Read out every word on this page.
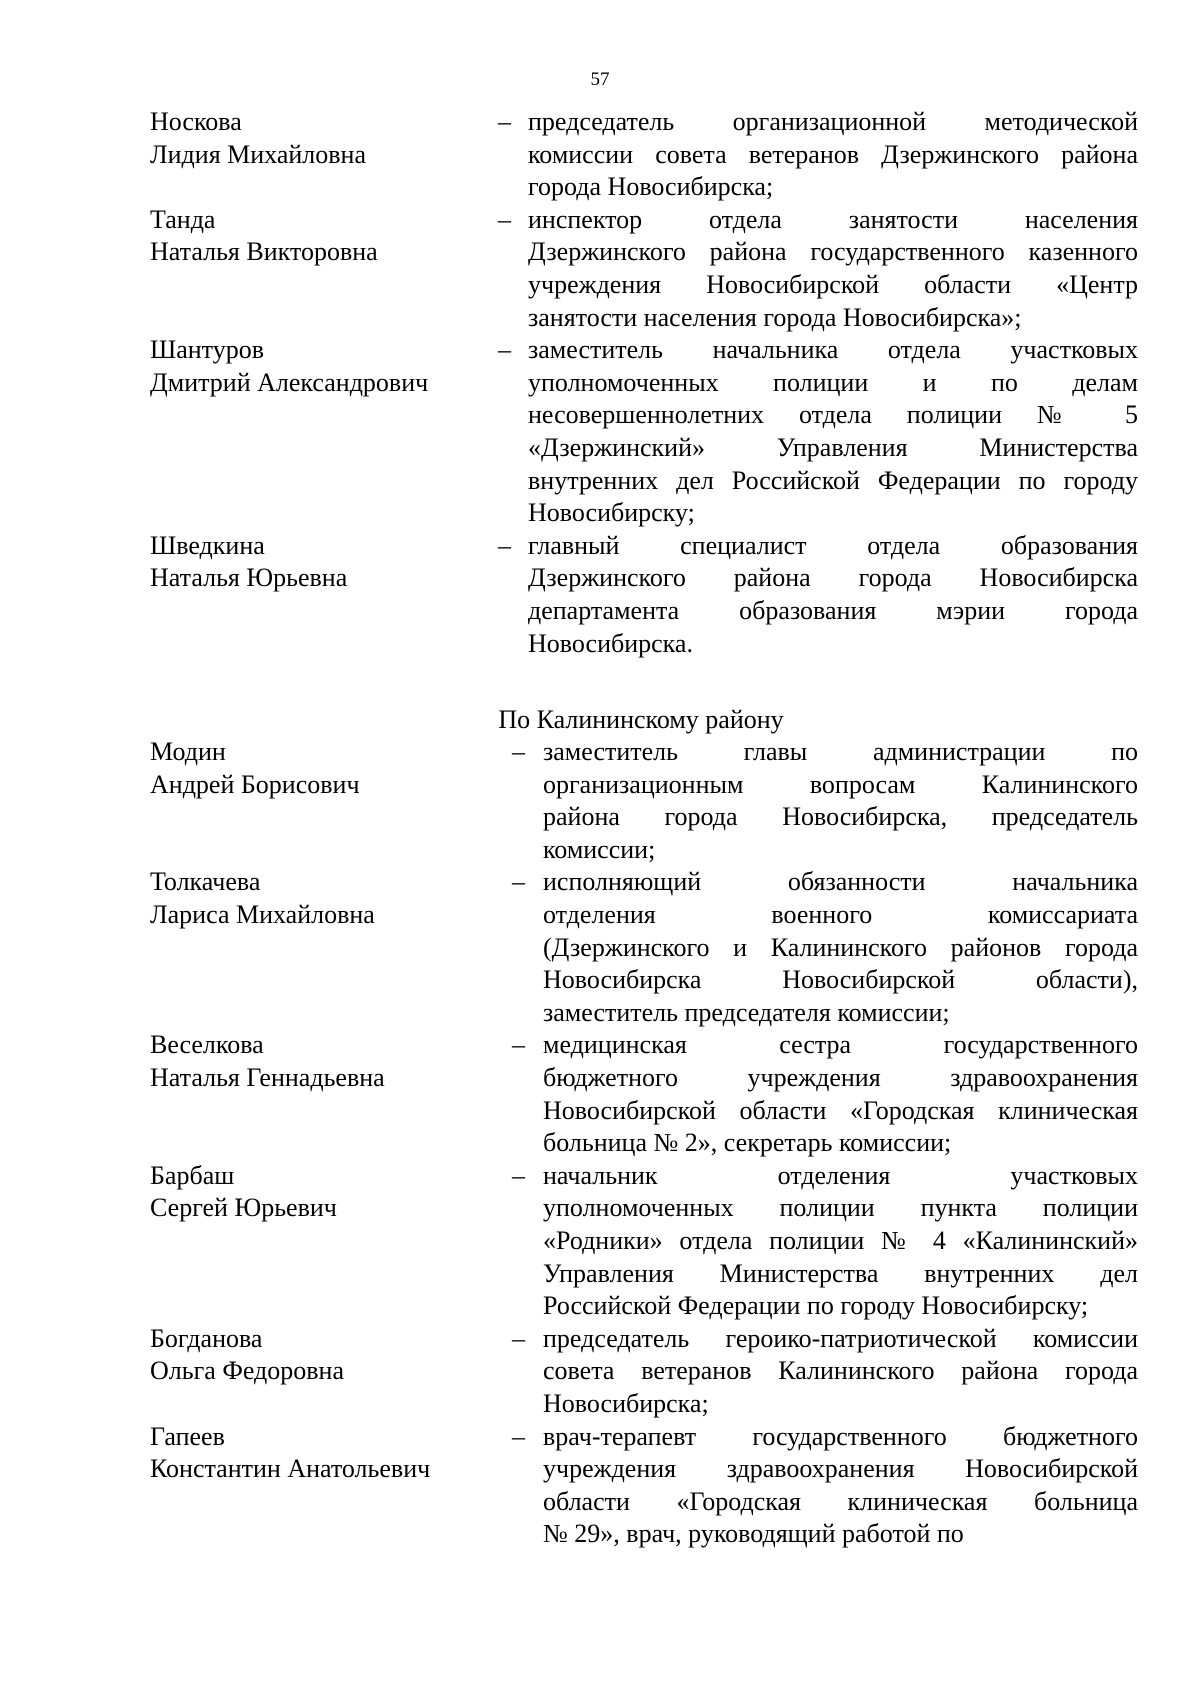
57
Носкова
Лидия Михайловна
– председатель организационной методической
комиссии совета ветеранов Дзержинского района
города Новосибирска;
Танда
Наталья Викторовна
– инспектор отдела занятости населения
Дзержинского района государственного казенного
учреждения Новосибирской области «Центр
занятости населения города Новосибирска»;
Шантуров
Дмитрий Александрович
– заместитель начальника отдела участковых
уполномоченных полиции и по делам
несовершеннолетних отдела полиции № 5
«Дзержинский» Управления Министерства
внутренних дел Российской Федерации по городу
Новосибирску;
Шведкина
Наталья Юрьевна
– главный специалист отдела образования
Дзержинского района города Новосибирска
департамента образования мэрии города
Новосибирска.
По Калининскому району
Модин
Андрей Борисович
– заместитель главы администрации по
организационным вопросам Калининского
района города Новосибирска, председатель
комиссии;
Толкачева
Лариса Михайловна
– исполняющий обязанности начальника
отделения военного комиссариата
(Дзержинского и Калининского районов города
Новосибирска Новосибирской области),
заместитель председателя комиссии;
Веселкова
Наталья Геннадьевна
– медицинская сестра государственного
бюджетного учреждения здравоохранения
Новосибирской области «Городская клиническая
больница № 2», секретарь комиссии;
Барбаш
Сергей Юрьевич
– начальник отделения участковых
уполномоченных полиции пункта полиции
«Родники» отдела полиции № 4 «Калининский»
Управления Министерства внутренних дел
Российской Федерации по городу Новосибирску;
Богданова
Ольга Федоровна
– председатель героико-патриотической комиссии
совета ветеранов Калининского района города
Новосибирска;
Гапеев
Константин Анатольевич
– врач-терапевт государственного бюджетного
учреждения здравоохранения Новосибирской
области «Городская клиническая больница
№ 29», врач, руководящий работой по
